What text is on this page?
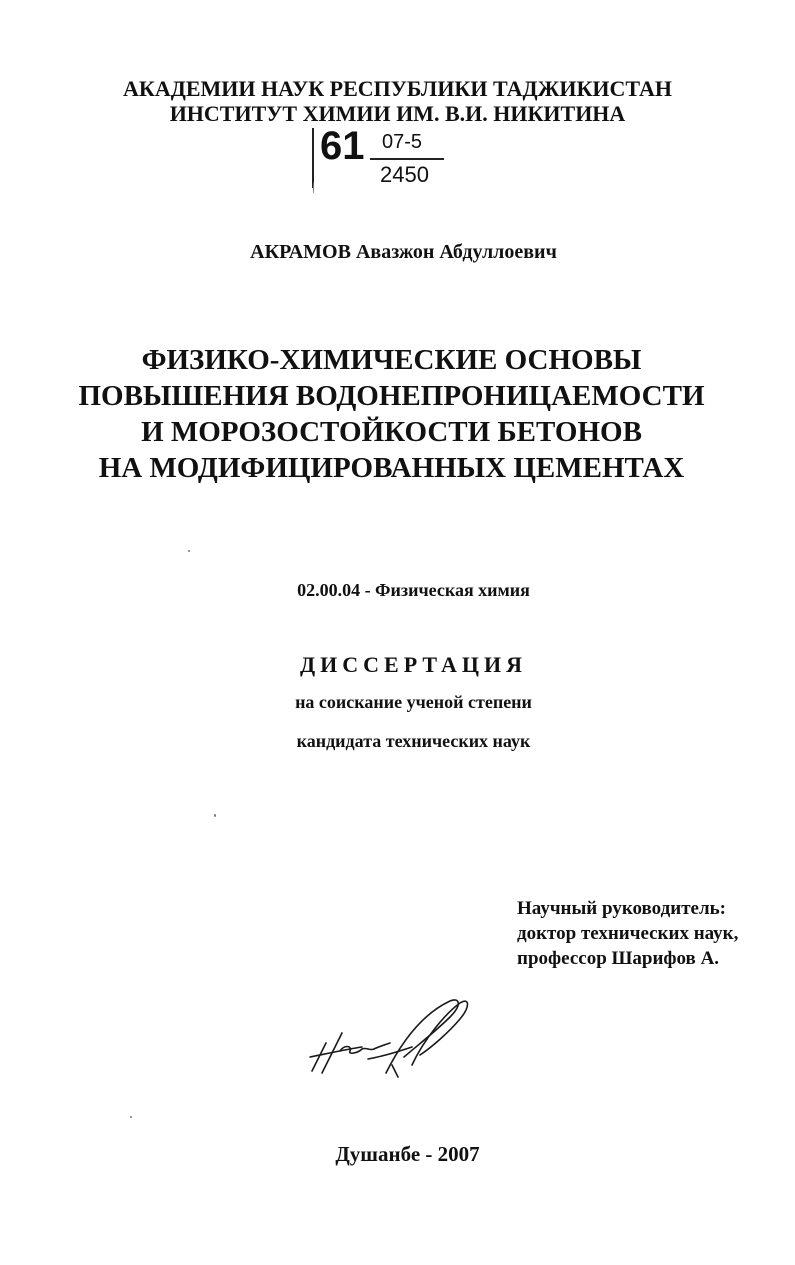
АКАДЕМИИ НАУК РЕСПУБЛИКИ ТАДЖИКИСТАН
ИНСТИТУТ ХИМИИ ИМ. В.И. НИКИТИНА
61 07-5
2450
АКРАМОВ Авазжон Абдуллоевич
ФИЗИКО-ХИМИЧЕСКИЕ ОСНОВЫ
ПОВЫШЕНИЯ ВОДОНЕПРОНИЦАЕМОСТИ
И МОРОЗОСТОЙКОСТИ БЕТОНОВ
НА МОДИФИЦИРОВАННЫХ ЦЕМЕНТАХ
02.00.04 - Физическая химия
ДИССЕРТАЦИЯ
на соискание ученой степени
кандидата технических наук
Научный руководитель:
доктор технических наук,
профессор Шарифов А.
Душанбе - 2007
